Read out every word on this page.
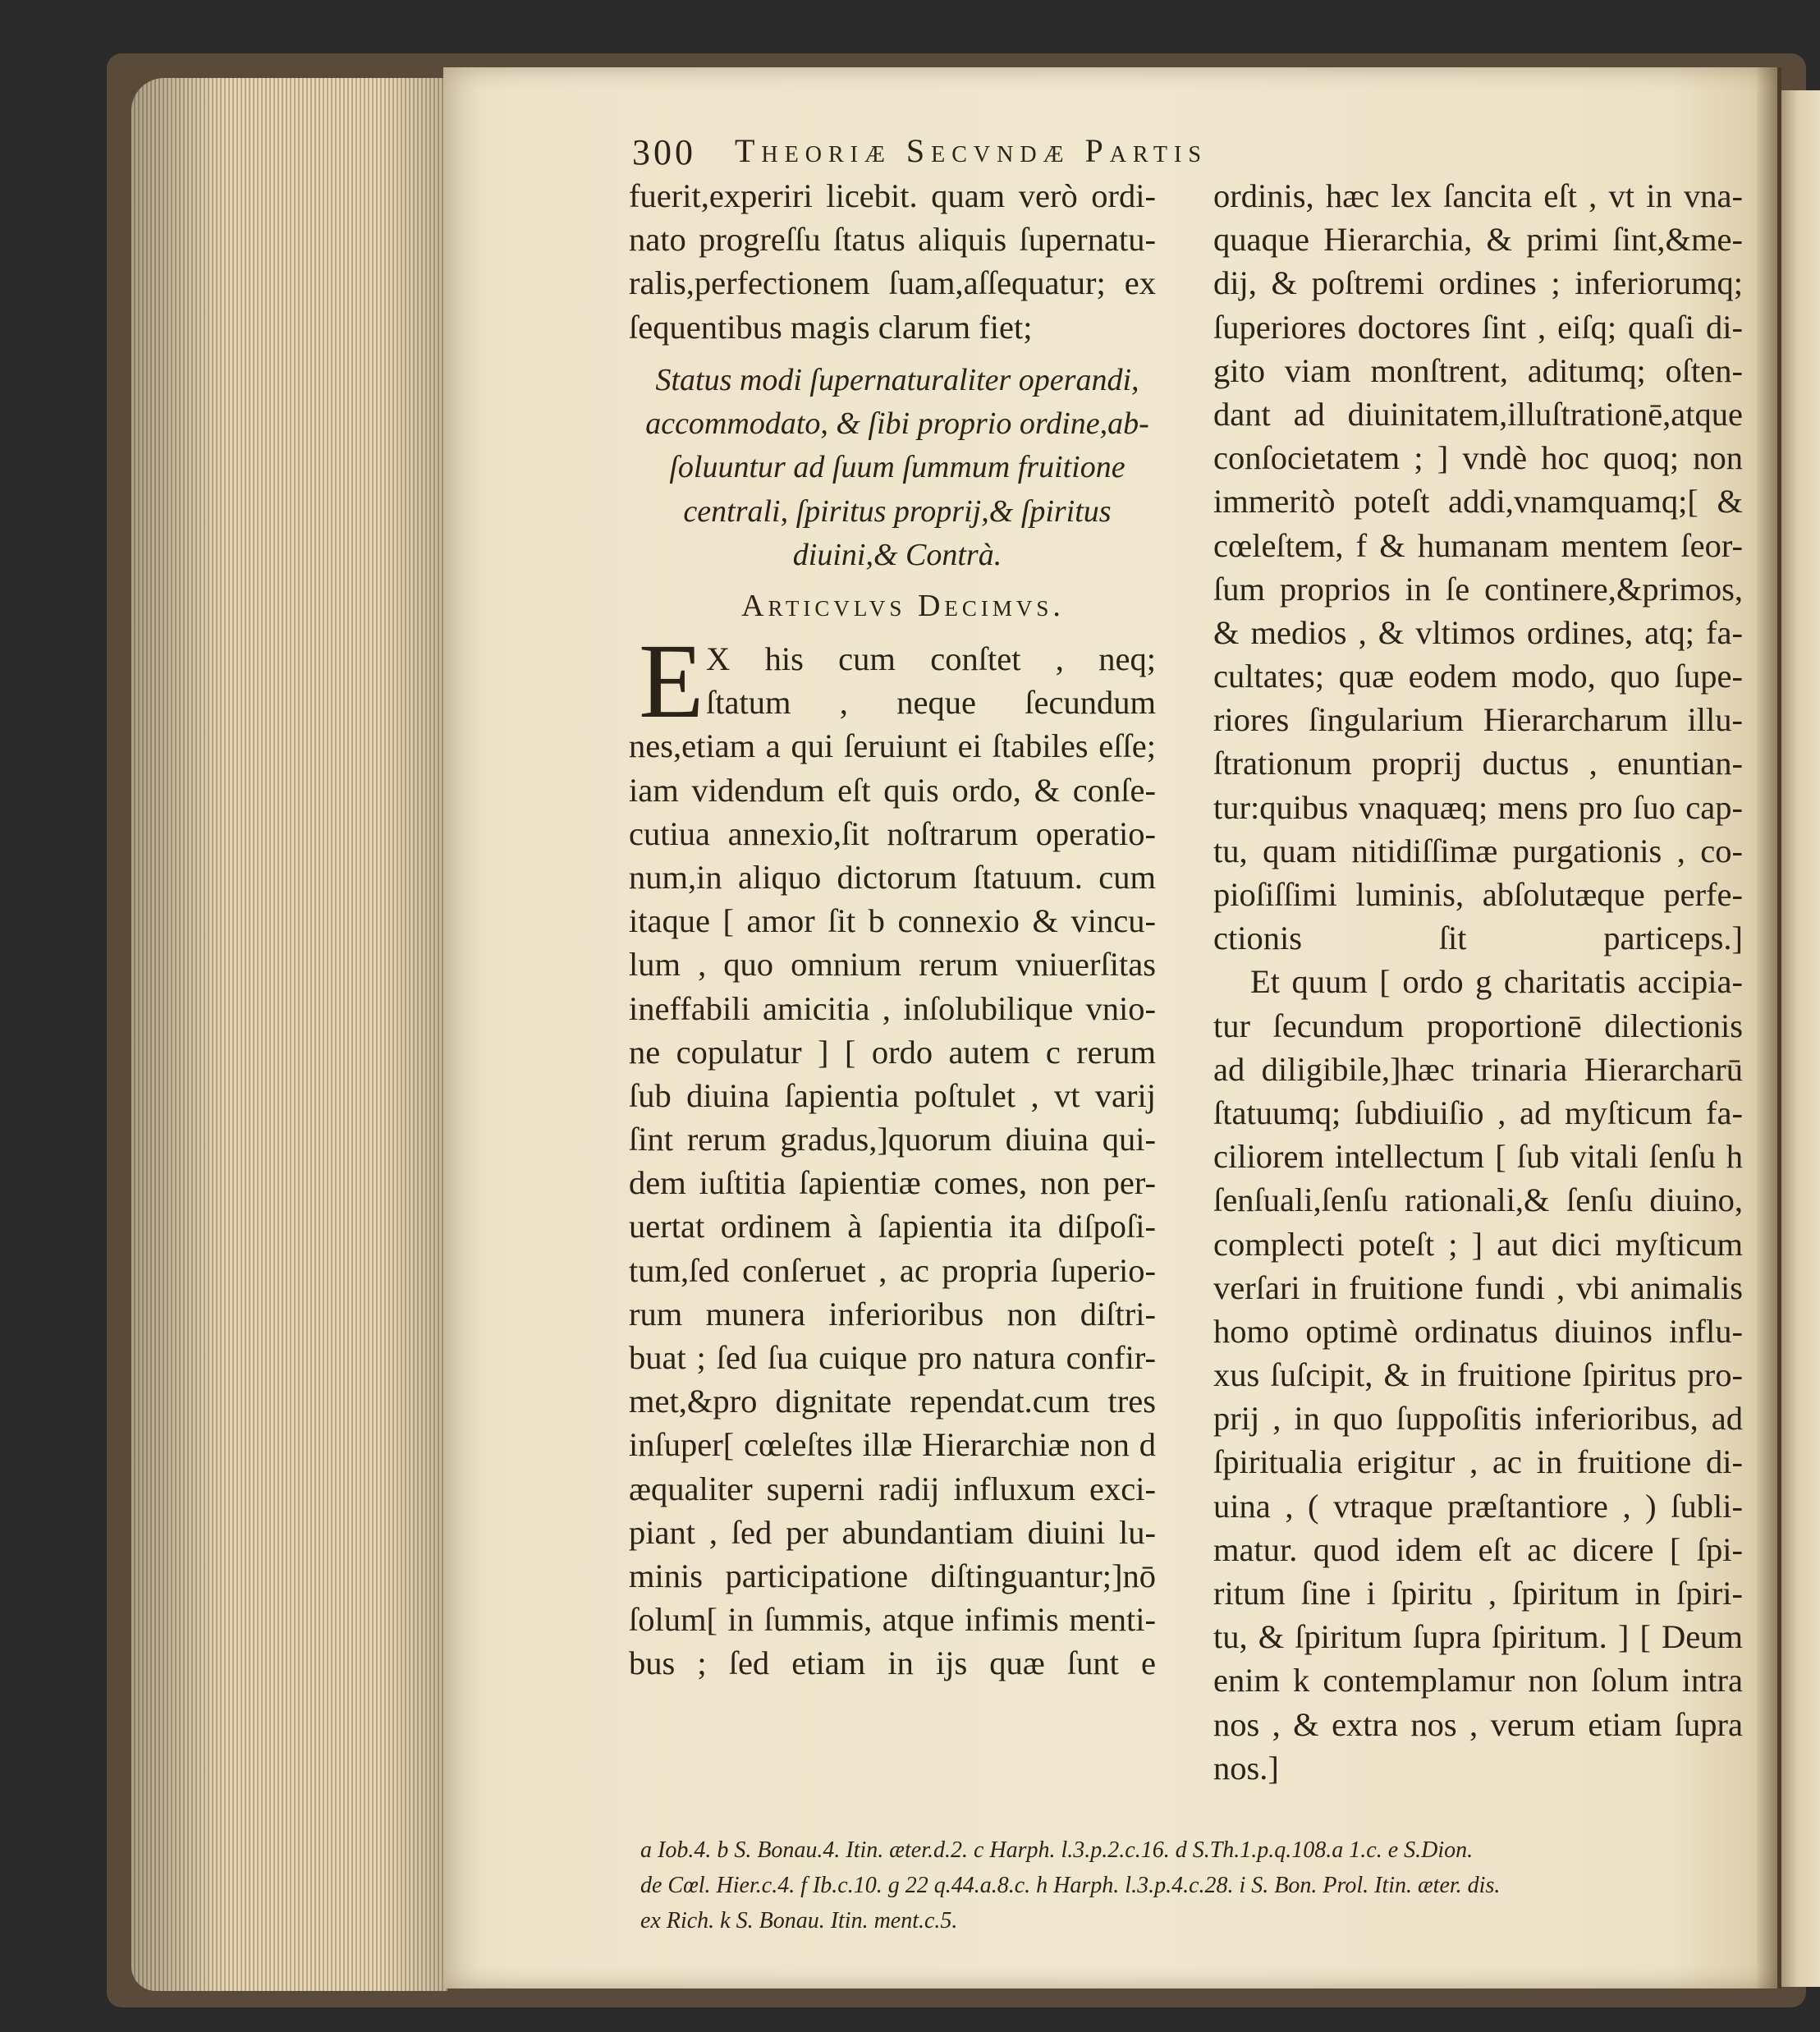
300 Theoriæ Secvndæ Partis
fuerit,experiri licebit. quam verò ordi-
nato progreſſu ſtatus aliquis ſupernatu-
ralis,perfectionem ſuam,aſſequatur; ex
ſequentibus magis clarum fiet;
Status modi ſupernaturaliter operandi,
accommodato, & ſibi proprio ordine,ab-
ſoluuntur ad ſuum ſummum fruitione
centrali, ſpiritus proprij,& ſpiritus
diuini,& Contrà.
Articvlvs Decimvs.
E X his cum conſtet , neq;
ſtatum , neque ſecundum
nes,etiam a qui ſeruiunt ei ſtabiles eſſe;
iam videndum eſt quis ordo, & conſe-
cutiua annexio,ſit noſtrarum operatio-
num,in aliquo dictorum ſtatuum. cum
itaque [ amor ſit b connexio & vincu-
lum , quo omnium rerum vniuerſitas
ineffabili amicitia , inſolubilique vnio-
ne copulatur ] [ ordo autem c rerum
ſub diuina ſapientia poſtulet , vt varij
ſint rerum gradus,]quorum diuina qui-
dem iuſtitia ſapientiæ comes, non per-
uertat ordinem à ſapientia ita diſpoſi-
tum,ſed conſeruet , ac propria ſuperio-
rum munera inferioribus non diſtri-
buat ; ſed ſua cuique pro natura confir-
met,&pro dignitate rependat.cum tres
inſuper[ cœleſtes illæ Hierarchiæ non d
æqualiter superni radij influxum exci-
piant , ſed per abundantiam diuini lu-
minis participatione diſtinguantur;]nō
ſolum[ in ſummis, atque infimis menti-
bus ; ſed etiam in ijs quæ ſunt e
ordinis, hæc lex ſancita eſt , vt in vna-
quaque Hierarchia, & primi ſint,&me-
dij, & poſtremi ordines ; inferiorumq;
ſuperiores doctores ſint , eiſq; quaſi di-
gito viam monſtrent, aditumq; oſten-
dant ad diuinitatem,illuſtrationē,atque
conſocietatem ; ] vndè hoc quoq; non
immeritò poteſt addi,vnamquamq;[ &
cœleſtem, f & humanam mentem ſeor-
ſum proprios in ſe continere,&primos,
& medios , & vltimos ordines, atq; fa-
cultates; quæ eodem modo, quo ſupe-
riores ſingularium Hierarcharum illu-
ſtrationum proprij ductus , enuntian-
tur:quibus vnaquæq; mens pro ſuo cap-
tu, quam nitidiſſimæ purgationis , co-
pioſiſſimi luminis, abſolutæque perfe-
ctionis ſit particeps.]
Et quum [ ordo g charitatis accipia-
tur ſecundum proportionē dilectionis
ad diligibile,]hæc trinaria Hierarcharū
ſtatuumq; ſubdiuiſio , ad myſticum fa-
ciliorem intellectum [ ſub vitali ſenſu h
ſenſuali,ſenſu rationali,& ſenſu diuino,
complecti poteſt ; ] aut dici myſticum
verſari in fruitione fundi , vbi animalis
homo optimè ordinatus diuinos influ-
xus ſuſcipit, & in fruitione ſpiritus pro-
prij , in quo ſuppoſitis inferioribus, ad
ſpiritualia erigitur , ac in fruitione di-
uina , ( vtraque præſtantiore , ) ſubli-
matur. quod idem eſt ac dicere [ ſpi-
ritum ſine i ſpiritu , ſpiritum in ſpiri-
tu, & ſpiritum ſupra ſpiritum. ] [ Deum
enim k contemplamur non ſolum intra
nos , & extra nos , verum etiam ſupra
nos.]
a Iob.4. b S. Bonau.4. Itin. æter.d.2. c Harph. l.3.p.2.c.16. d S.Th.1.p.q.108.a 1.c. e S.Dion.
de Cœl. Hier.c.4. f Ib.c.10. g 22 q.44.a.8.c. h Harph. l.3.p.4.c.28. i S. Bon. Prol. Itin. æter. dis.
ex Rich. k S. Bonau. Itin. ment.c.5.
